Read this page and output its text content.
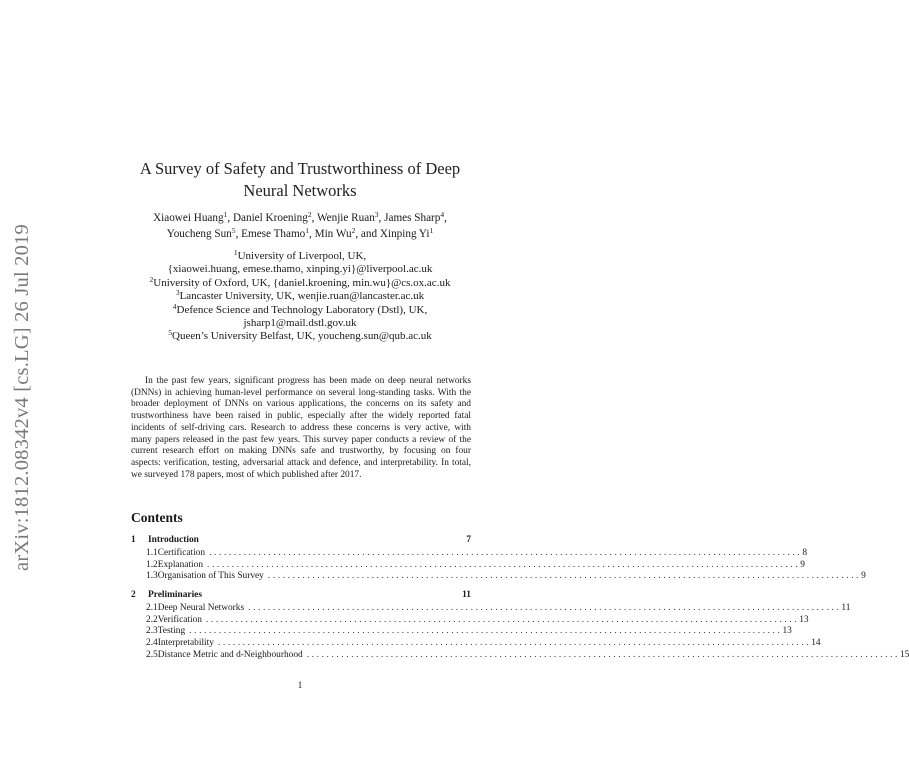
arXiv:1812.08342v4 [cs.LG] 26 Jul 2019
A Survey of Safety and Trustworthiness of Deep
Neural Networks
Xiaowei Huang$^1$, Daniel Kroening$^2$, Wenjie Ruan$^3$, James Sharp$^4$,
Youcheng Sun$^5$, Emese Thamo$^1$, Min Wu$^2$, and Xinping Yi$^1$
$^1$University of Liverpool, UK,
{xiaowei.huang, emese.thamo, xinping.yi}@liverpool.ac.uk
$^2$University of Oxford, UK, {daniel.kroening, min.wu}@cs.ox.ac.uk
$^3$Lancaster University, UK, wenjie.ruan@lancaster.ac.uk
$^4$Defence Science and Technology Laboratory (Dstl), UK,
jsharp1@mail.dstl.gov.uk
$^5$Queen’s University Belfast, UK, youcheng.sun@qub.ac.uk
In the past few years, significant progress has been made on deep neural networks (DNNs) in achieving human-level performance on several long-standing tasks. With the broader deployment of DNNs on various applications, the concerns on its safety and trustworthiness have been raised in public, especially after the widely reported fatal incidents of self-driving cars. Research to address these concerns is very active, with many papers released in the past few years. This survey paper conducts a review of the current research effort on making DNNs safe and trustworthy, by focusing on four aspects: verification, testing, adversarial attack and defence, and interpretability. In total, we surveyed 178 papers, most of which published after 2017.
Contents
1	Introduction	7
1.1 Certification ........................................................................................................................ 8
1.2 Explanation ........................................................................................................................ 9
1.3 Organisation of This Survey ........................................................................................................................ 9
2	Preliminaries	11
2.1 Deep Neural Networks ........................................................................................................................ 11
2.2 Verification ........................................................................................................................ 13
2.3 Testing ........................................................................................................................ 13
2.4 Interpretability ........................................................................................................................ 14
2.5 Distance Metric and d-Neighbourhood ........................................................................................................................ 15
1
